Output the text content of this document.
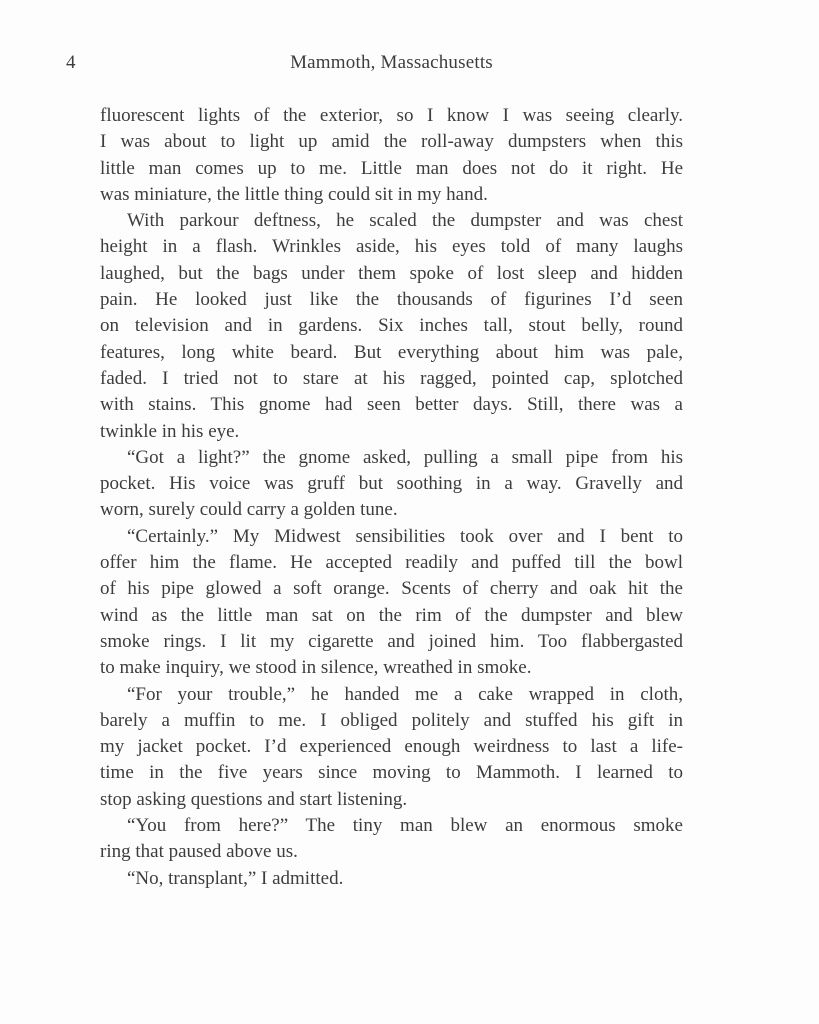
4	Mammoth, Massachusetts
fluorescent lights of the exterior, so I know I was seeing clearly.
I was about to light up amid the roll-away dumpsters when this
little man comes up to me. Little man does not do it right. He
was miniature, the little thing could sit in my hand.
With parkour deftness, he scaled the dumpster and was chest
height in a flash. Wrinkles aside, his eyes told of many laughs
laughed, but the bags under them spoke of lost sleep and hidden
pain. He looked just like the thousands of figurines I’d seen
on television and in gardens. Six inches tall, stout belly, round
features, long white beard. But everything about him was pale,
faded. I tried not to stare at his ragged, pointed cap, splotched
with stains. This gnome had seen better days. Still, there was a
twinkle in his eye.
“Got a light?” the gnome asked, pulling a small pipe from his
pocket. His voice was gruff but soothing in a way. Gravelly and
worn, surely could carry a golden tune.
“Certainly.” My Midwest sensibilities took over and I bent to
offer him the flame. He accepted readily and puffed till the bowl
of his pipe glowed a soft orange. Scents of cherry and oak hit the
wind as the little man sat on the rim of the dumpster and blew
smoke rings. I lit my cigarette and joined him. Too flabbergasted
to make inquiry, we stood in silence, wreathed in smoke.
“For your trouble,” he handed me a cake wrapped in cloth,
barely a muffin to me. I obliged politely and stuffed his gift in
my jacket pocket. I’d experienced enough weirdness to last a life-
time in the five years since moving to Mammoth. I learned to
stop asking questions and start listening.
“You from here?” The tiny man blew an enormous smoke
ring that paused above us.
“No, transplant,” I admitted.
